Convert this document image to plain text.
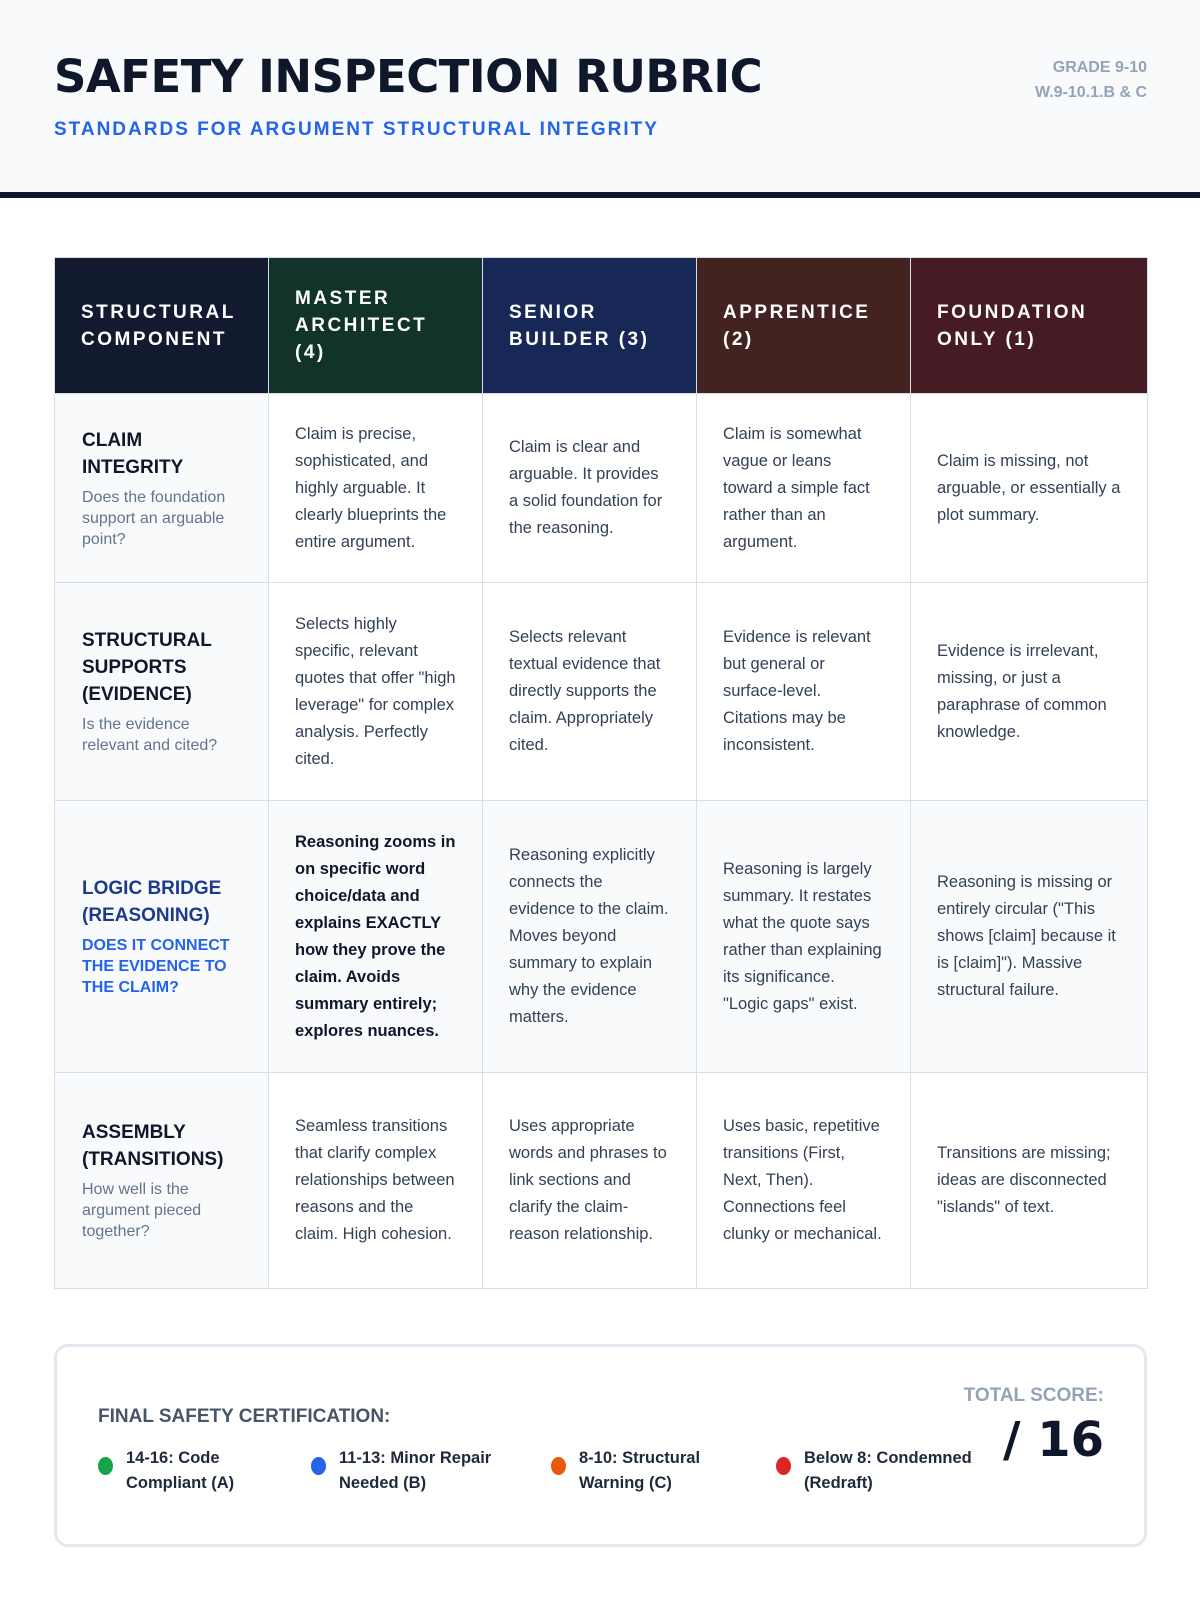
SAFETY INSPECTION RUBRIC
STANDARDS FOR ARGUMENT STRUCTURAL INTEGRITY
GRADE 9-10
W.9-10.1.B & C
STRUCTURAL COMPONENT	MASTER ARCHITECT (4)	SENIOR BUILDER (3)	APPRENTICE (2)	FOUNDATION ONLY (1)

CLAIM INTEGRITY
Does the foundation support an arguable point?	Claim is precise, sophisticated, and highly arguable. It clearly blueprints the entire argument.	Claim is clear and arguable. It provides a solid foundation for the reasoning.	Claim is somewhat vague or leans toward a simple fact rather than an argument.	Claim is missing, not arguable, or essentially a plot summary.

STRUCTURAL SUPPORTS (EVIDENCE)
Is the evidence relevant and cited?	Selects highly specific, relevant quotes that offer "high leverage" for complex analysis. Perfectly cited.	Selects relevant textual evidence that directly supports the claim. Appropriately cited.	Evidence is relevant but general or surface-level. Citations may be inconsistent.	Evidence is irrelevant, missing, or just a paraphrase of common knowledge.

LOGIC BRIDGE (REASONING)
DOES IT CONNECT THE EVIDENCE TO THE CLAIM?	Reasoning zooms in on specific word choice/data and explains EXACTLY how they prove the claim. Avoids summary entirely; explores nuances.	Reasoning explicitly connects the evidence to the claim. Moves beyond summary to explain why the evidence matters.	Reasoning is largely summary. It restates what the quote says rather than explaining its significance. "Logic gaps" exist.	Reasoning is missing or entirely circular ("This shows [claim] because it is [claim]"). Massive structural failure.

ASSEMBLY (TRANSITIONS)
How well is the argument pieced together?	Seamless transitions that clarify complex relationships between reasons and the claim. High cohesion.	Uses appropriate words and phrases to link sections and clarify the claim-reason relationship.	Uses basic, repetitive transitions (First, Next, Then). Connections feel clunky or mechanical.	Transitions are missing; ideas are disconnected "islands" of text.
FINAL SAFETY CERTIFICATION:
14-16: Code Compliant (A)
11-13: Minor Repair Needed (B)
8-10: Structural Warning (C)
Below 8: Condemned (Redraft)
TOTAL SCORE:
/ 16
